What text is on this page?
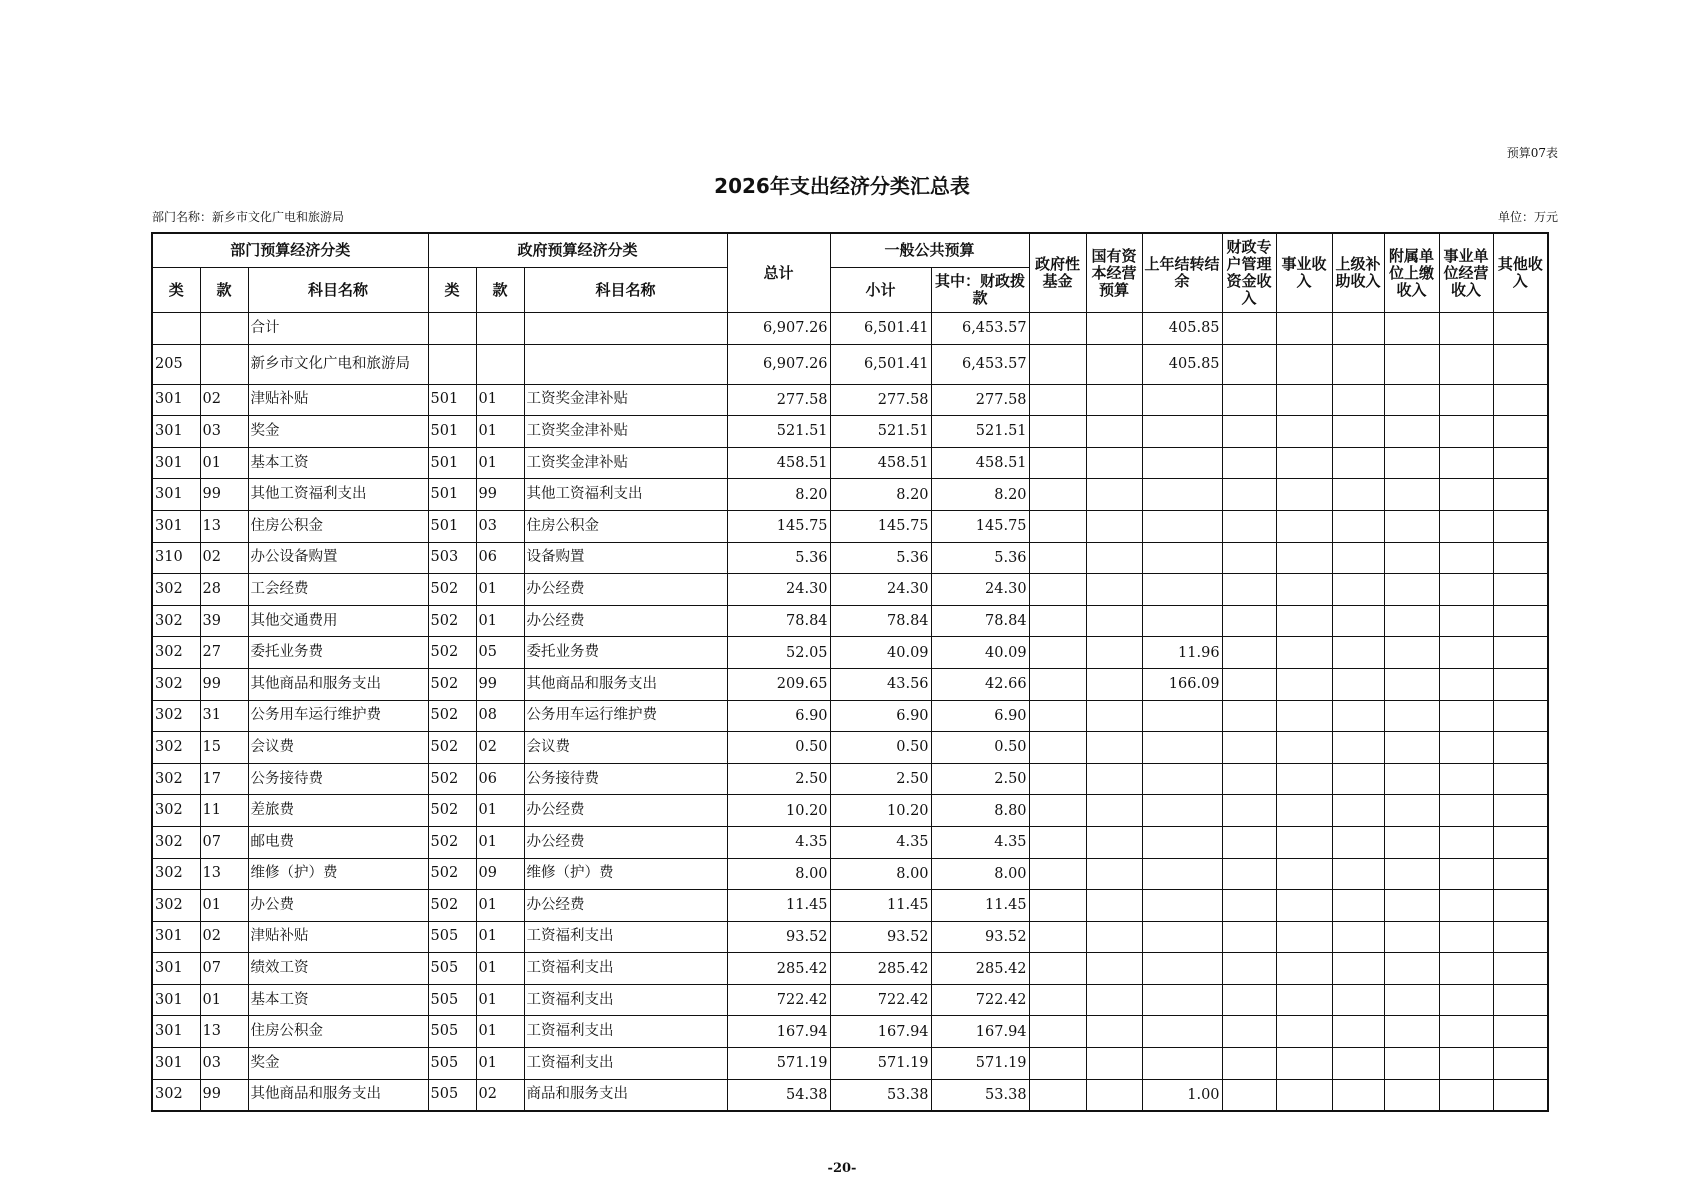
预算07表
2026年支出经济分类汇总表
部门名称：新乡市文化广电和旅游局	单位：万元
部门预算经济分类			政府预算经济分类			总计	一般公共预算		政府性基金	国有资本经营预算	上年结转结余	财政专户管理资金收入	事业收入	上级补助收入	附属单位上缴收入	事业单位经营收入	其他收入
类	款	科目名称	类	款	科目名称		小计	其中：财政拨款									
		合计				6,907.26	6,501.41	6,453.57			405.85						
205		新乡市文化广电和旅游局				6,907.26	6,501.41	6,453.57			405.85						
301	02	津贴补贴	501	01	工资奖金津补贴	277.58	277.58	277.58									
301	03	奖金	501	01	工资奖金津补贴	521.51	521.51	521.51									
301	01	基本工资	501	01	工资奖金津补贴	458.51	458.51	458.51									
301	99	其他工资福利支出	501	99	其他工资福利支出	8.20	8.20	8.20									
301	13	住房公积金	501	03	住房公积金	145.75	145.75	145.75									
310	02	办公设备购置	503	06	设备购置	5.36	5.36	5.36									
302	28	工会经费	502	01	办公经费	24.30	24.30	24.30									
302	39	其他交通费用	502	01	办公经费	78.84	78.84	78.84									
302	27	委托业务费	502	05	委托业务费	52.05	40.09	40.09			11.96						
302	99	其他商品和服务支出	502	99	其他商品和服务支出	209.65	43.56	42.66			166.09						
302	31	公务用车运行维护费	502	08	公务用车运行维护费	6.90	6.90	6.90									
302	15	会议费	502	02	会议费	0.50	0.50	0.50									
302	17	公务接待费	502	06	公务接待费	2.50	2.50	2.50									
302	11	差旅费	502	01	办公经费	10.20	10.20	8.80									
302	07	邮电费	502	01	办公经费	4.35	4.35	4.35									
302	13	维修（护）费	502	09	维修（护）费	8.00	8.00	8.00									
302	01	办公费	502	01	办公经费	11.45	11.45	11.45									
301	02	津贴补贴	505	01	工资福利支出	93.52	93.52	93.52									
301	07	绩效工资	505	01	工资福利支出	285.42	285.42	285.42									
301	01	基本工资	505	01	工资福利支出	722.42	722.42	722.42									
301	13	住房公积金	505	01	工资福利支出	167.94	167.94	167.94									
301	03	奖金	505	01	工资福利支出	571.19	571.19	571.19									
302	99	其他商品和服务支出	505	02	商品和服务支出	54.38	53.38	53.38			1.00						
-20-
